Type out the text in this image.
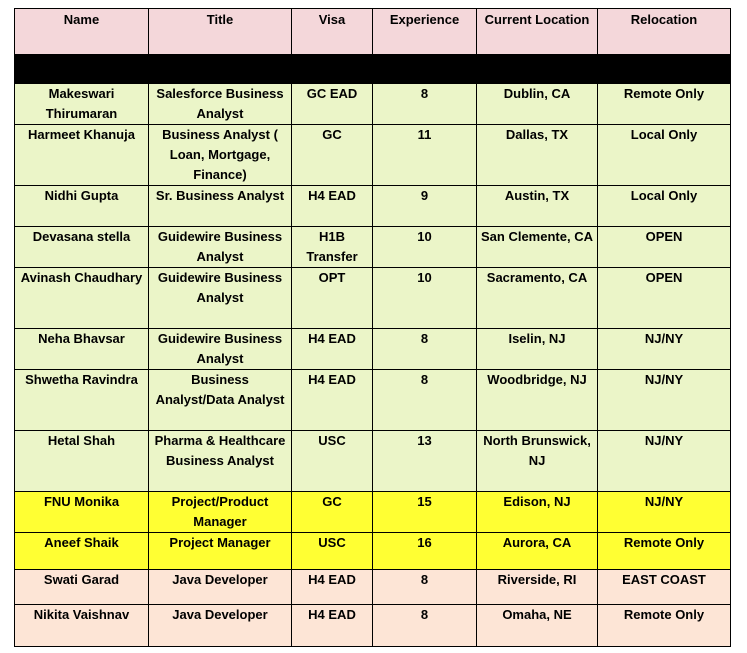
Name	Title	Visa	Experience	Current Location	Relocation

Makeswari Thirumaran	Salesforce Business Analyst	GC EAD	8	Dublin, CA	Remote Only
Harmeet Khanuja	Business Analyst ( Loan, Mortgage, Finance)	GC	11	Dallas, TX	Local Only
Nidhi Gupta	Sr. Business Analyst	H4 EAD	9	Austin, TX	Local Only
Devasana stella	Guidewire Business Analyst	H1B Transfer	10	San Clemente, CA	OPEN
Avinash Chaudhary	Guidewire Business Analyst	OPT	10	Sacramento, CA	OPEN
Neha Bhavsar	Guidewire Business Analyst	H4 EAD	8	Iselin, NJ	NJ/NY
Shwetha Ravindra	Business Analyst/Data Analyst	H4 EAD	8	Woodbridge, NJ	NJ/NY
Hetal Shah	Pharma & Healthcare Business Analyst	USC	13	North Brunswick, NJ	NJ/NY
FNU Monika	Project/Product Manager	GC	15	Edison, NJ	NJ/NY
Aneef Shaik	Project Manager	USC	16	Aurora, CA	Remote Only
Swati Garad	Java Developer	H4 EAD	8	Riverside, RI	EAST COAST
Nikita Vaishnav	Java Developer	H4 EAD	8	Omaha, NE	Remote Only
